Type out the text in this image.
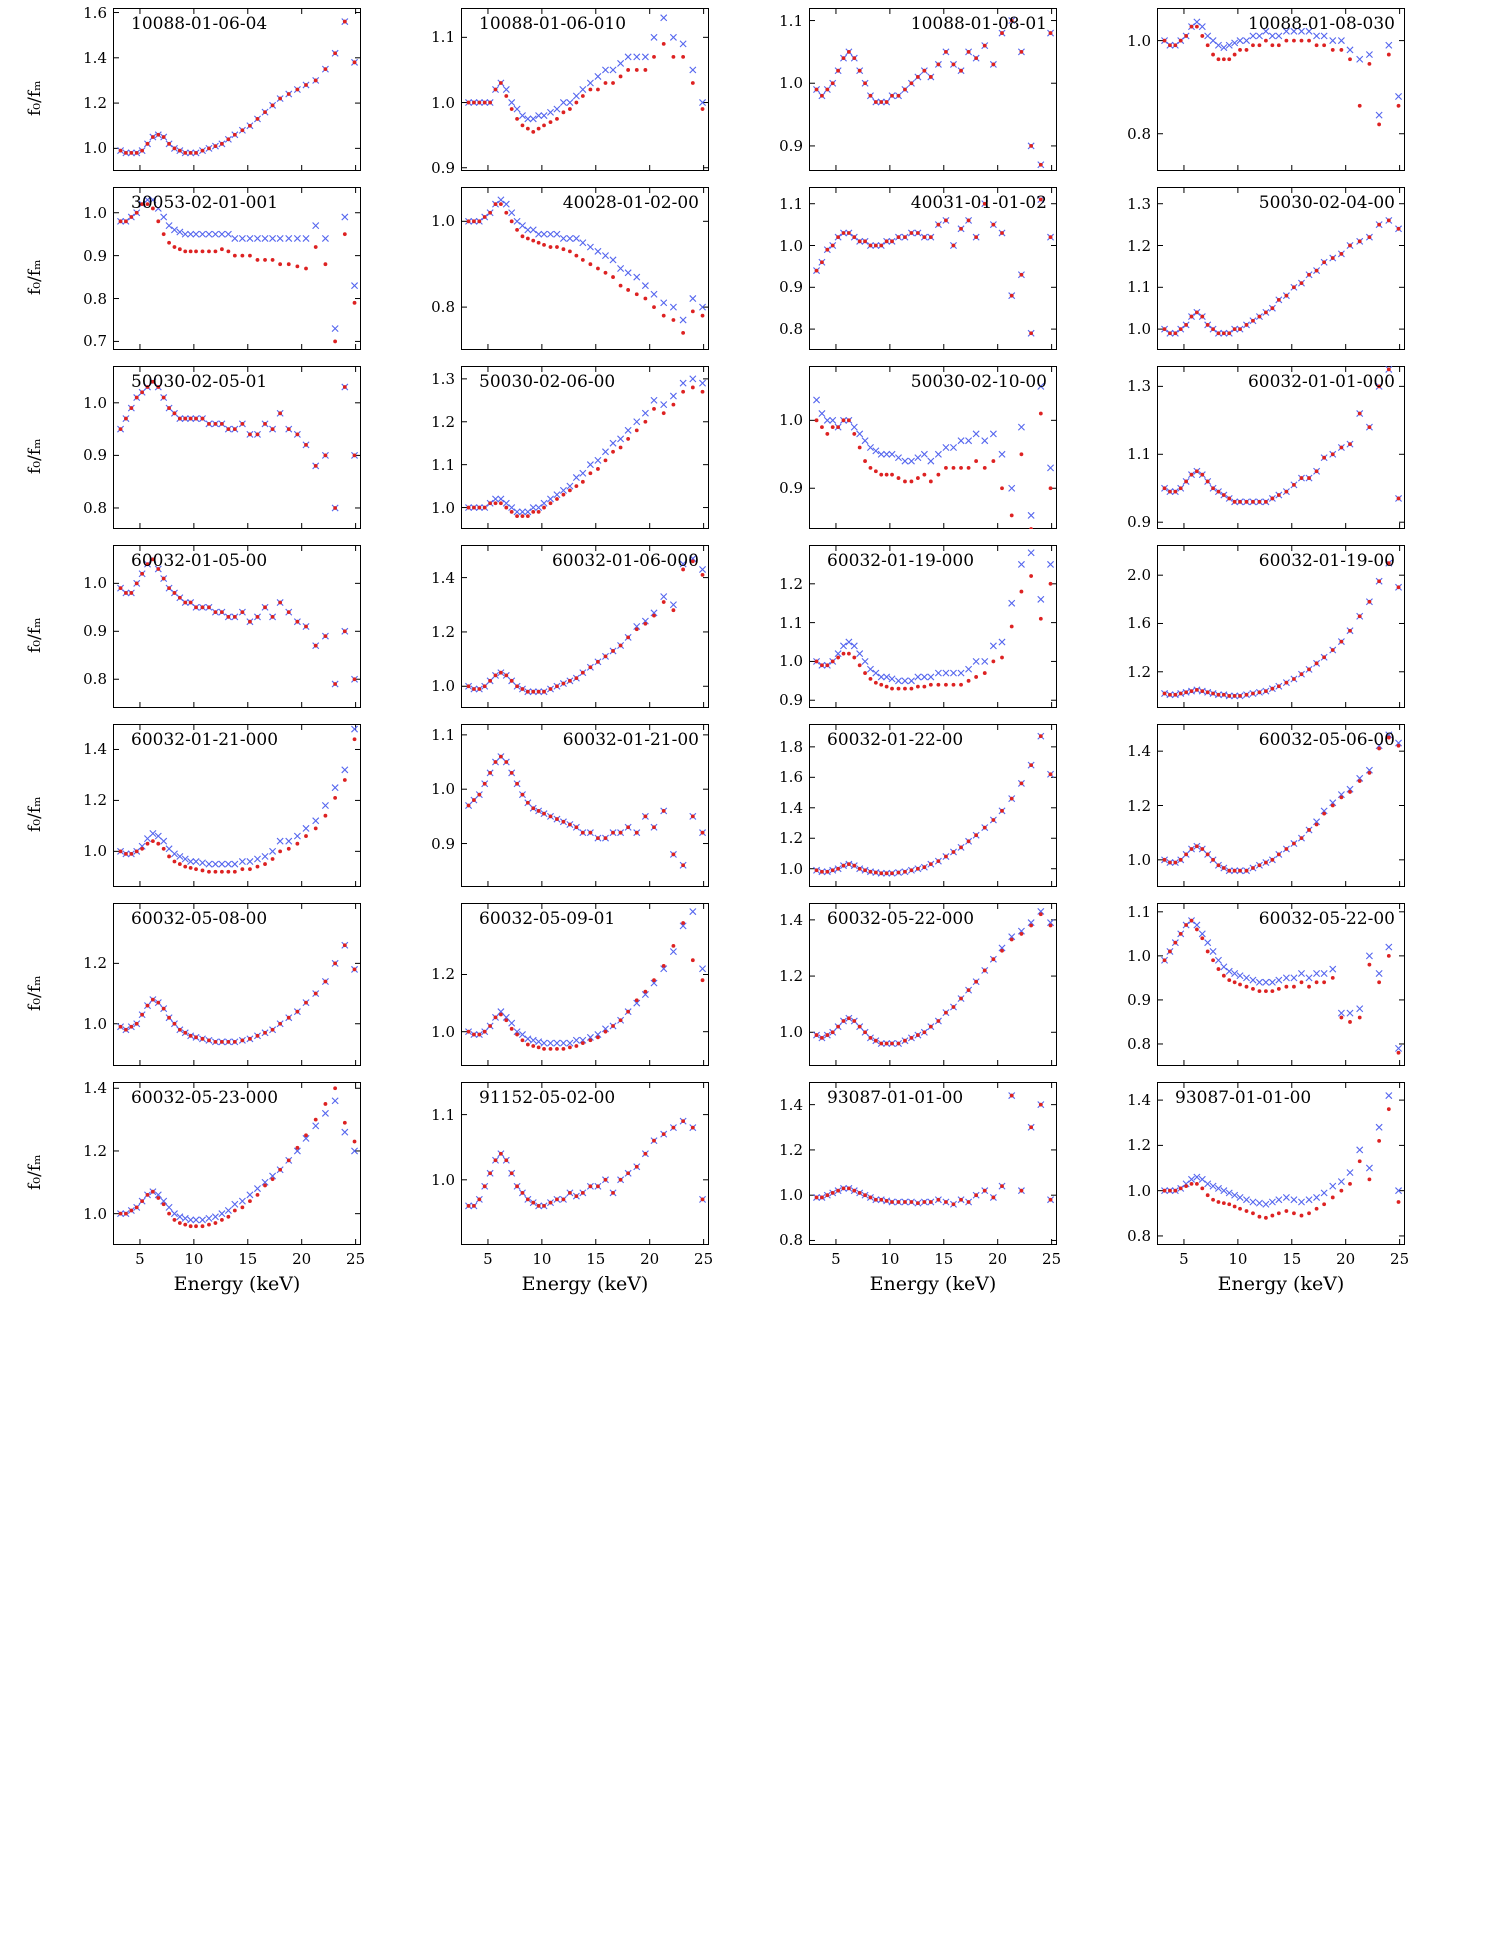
10088-01-06-04
1.0
1.2
1.4
1.6
f₀/fₘ
10088-01-06-010
0.9
1.0
1.1
10088-01-08-01
0.9
1.0
1.1	10088-01-08-030
0.8
1.0
30053-02-01-001
0.7
0.8
0.9
1.0
f₀/fₘ
40028-01-02-00
0.8
1.0
40031-01-01-02
0.8
0.9
1.0
1.1	50030-02-04-00
1.0
1.1
1.2
1.3
50030-02-05-01
0.8
0.9
1.0
f₀/fₘ
50030-02-06-00
1.0
1.1
1.2
1.3	50030-02-10-00
0.9
1.0
60032-01-01-000
0.9
1.1
1.3
60032-01-05-00
0.8
0.9
1.0
f₀/fₘ
60032-01-06-000
1.0
1.2
1.4
60032-01-19-000
0.9
1.0
1.1
1.2
60032-01-19-00
1.2
1.6
2.0
60032-01-21-000
1.0
1.2
1.4
f₀/fₘ
60032-01-21-00
0.9
1.0
1.1	60032-01-22-00
1.0
1.2
1.4
1.6
1.8	60032-05-06-00
1.0
1.2
1.4
60032-05-08-00
1.0
1.2
f₀/fₘ
60032-05-09-01
1.0
1.2
60032-05-22-000
1.0
1.2
1.4	60032-05-22-00
0.8
0.9
1.0
1.1
60032-05-23-000
1.0
1.2
1.4
5	10	15	20	25
Energy (keV)
f₀/fₘ
91152-05-02-00
1.0
1.1
5	10	15	20	25
Energy (keV)
93087-01-01-00
0.8
1.0
1.2
1.4
5	10	15	20	25
Energy (keV)
93087-01-01-00
0.8
1.0
1.2
1.4
5	10	15	20	25
Energy (keV)
